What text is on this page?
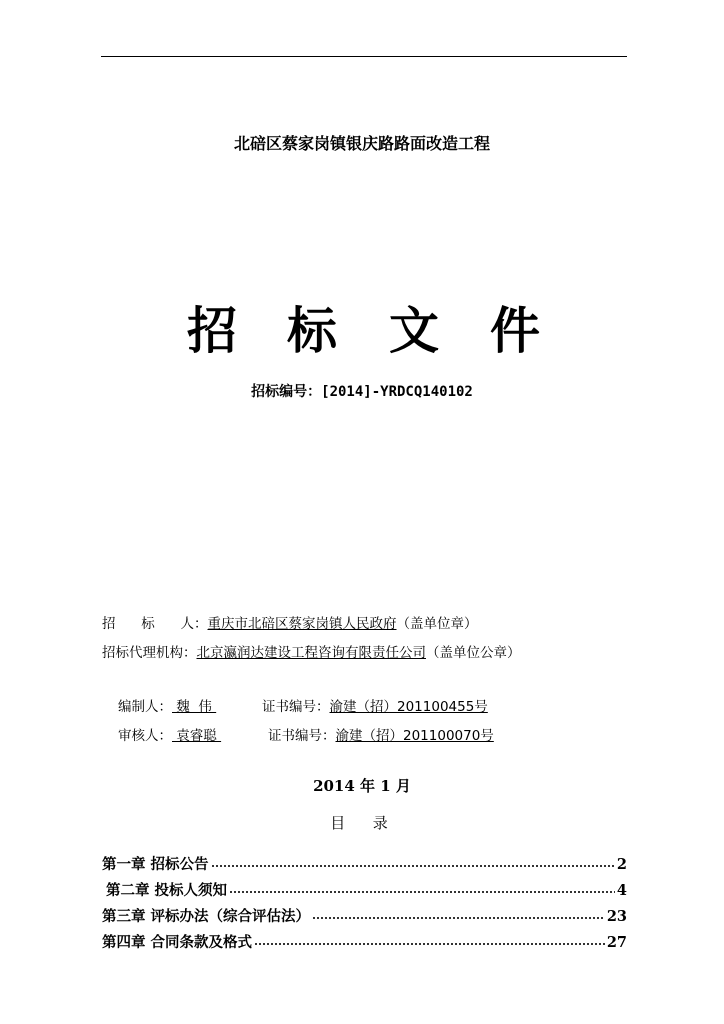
北碚区蔡家岗镇银庆路路面改造工程
招 标 文 件
招标编号：[2014]-YRDCQ140102
招      标      人：重庆市北碚区蔡家岗镇人民政府（盖单位章）
招标代理机构：北京瀛润达建设工程咨询有限责任公司（盖单位公章）
编制人： 魏  伟	证书编号：渝建（招）201100455号
审核人： 袁睿聪	证书编号：渝建（招）201100070号
2014 年 1 月
目  录
第一章 招标公告	2
第二章 投标人须知	4
第三章 评标办法（综合评估法）	23
第四章 合同条款及格式	27
